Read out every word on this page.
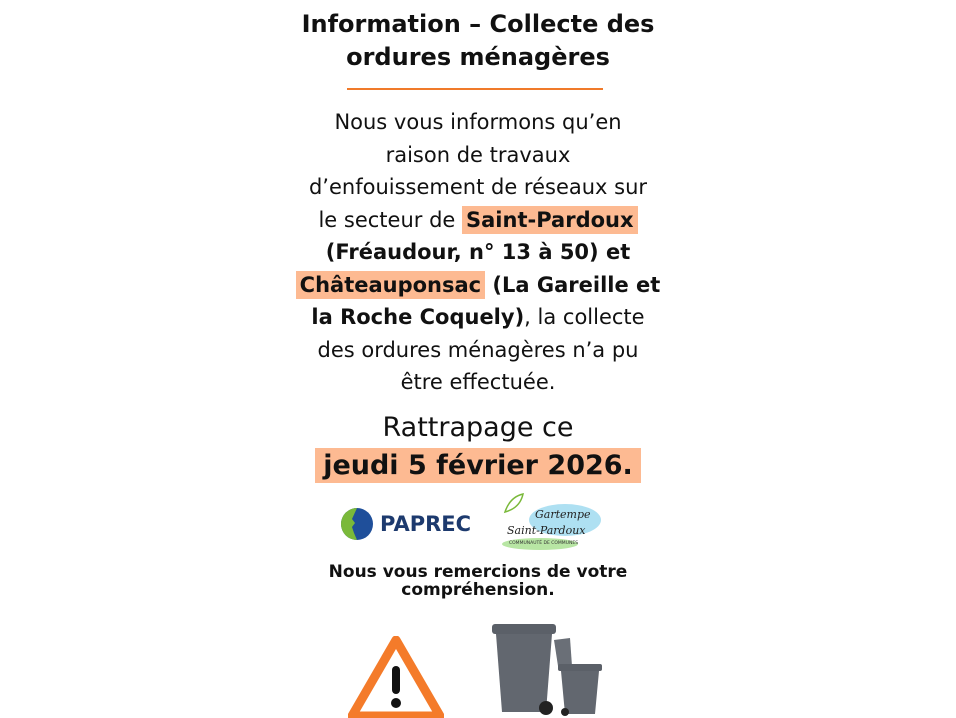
Information – Collecte des
ordures ménagères
Nous vous informons qu’en
raison de travaux
d’enfouissement de réseaux sur
le secteur de Saint-Pardoux
(Fréaudour, n° 13 à 50) et
Châteauponsac (La Gareille et
la Roche Coquely), la collecte
des ordures ménagères n’a pu
être effectuée.
Rattrapage ce
jeudi 5 février 2026.
PAPREC	Gartempe
Saint-Pardoux
COMMUNAUTÉ DE COMMUNES
Nous vous remercions de votre
compréhension.
